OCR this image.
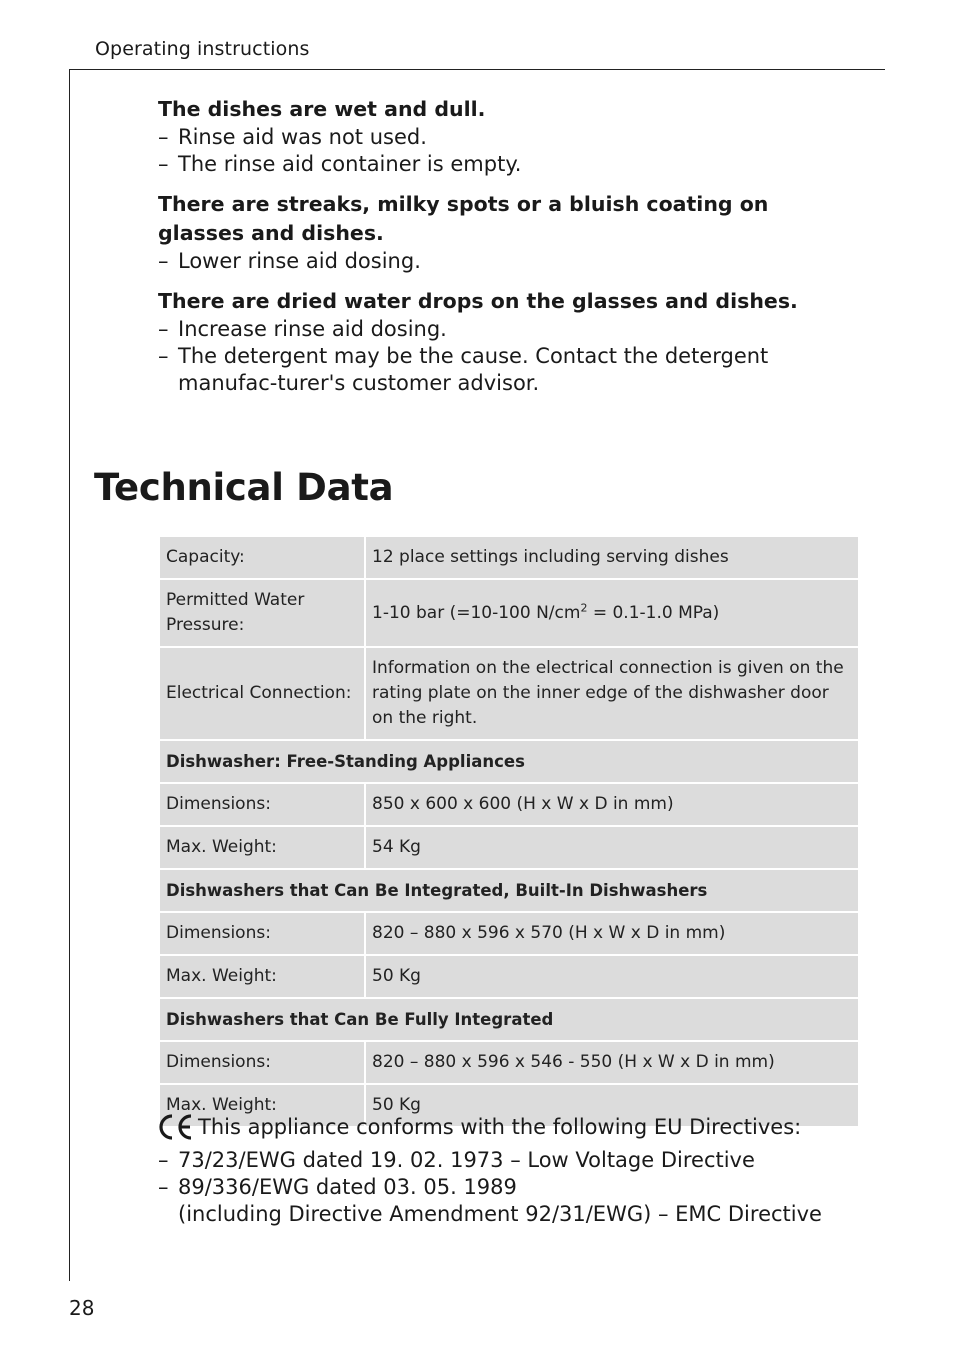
Operating instructions
The dishes are wet and dull.
– Rinse aid was not used.
– The rinse aid container is empty.
There are streaks, milky spots or a bluish coating on glasses and dishes.
– Lower rinse aid dosing.
There are dried water drops on the glasses and dishes.
– Increase rinse aid dosing.
– The detergent may be the cause. Contact the detergent manufac-turer's customer advisor.
Technical Data
Capacity:	12 place settings including serving dishes
Permitted Water Pressure:	1-10 bar (=10-100 $N/cm^2 = 0.1-1.0$ MPa)
Electrical Connection:	Information on the electrical connection is given on the rating plate on the inner edge of the dishwasher door on the right.
Dishwasher: Free-Standing Appliances	
Dimensions:	850 x 600 x 600 (H x W x D in mm)
Max. Weight:	54 Kg
Dishwashers that Can Be Integrated, Built-In Dishwashers	
Dimensions:	820 – 880 x 596 x 570 (H x W x D in mm)
Max. Weight:	50 Kg
Dishwashers that Can Be Fully Integrated	
Dimensions:	820 – 880 x 596 x 546 - 550 (H x W x D in mm)
Max. Weight:	50 Kg
This appliance conforms with the following EU Directives:
– 73/23/EWG dated 19. 02. 1973 – Low Voltage Directive
– 89/336/EWG dated 03. 05. 1989
(including Directive Amendment 92/31/EWG) – EMC Directive
28
